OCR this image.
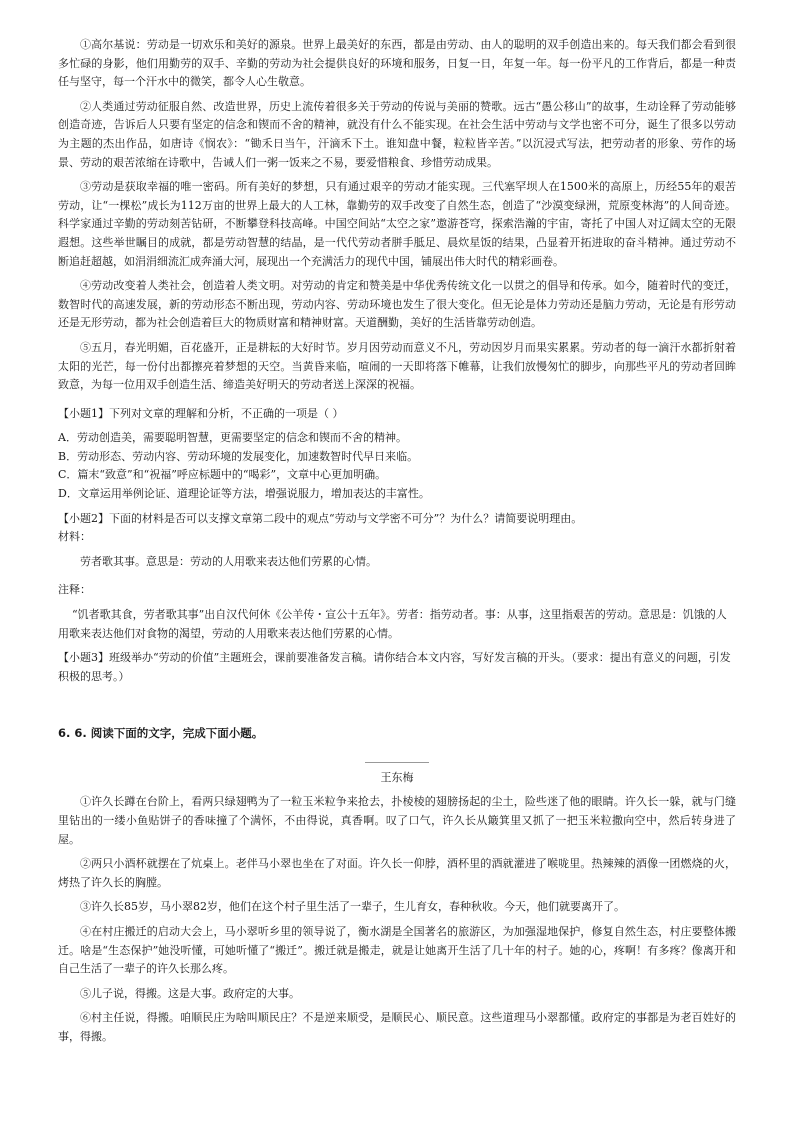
①高尔基说：劳动是一切欢乐和美好的源泉。世界上最美好的东西，都是由劳动、由人的聪明的双手创造出来的。每天我们都会看到很多忙碌的身影，他们用勤劳的双手、辛勤的劳动为社会提供良好的环境和服务，日复一日，年复一年。每一份平凡的工作背后，都是一种责任与坚守，每一个汗水中的微笑，都令人心生敬意。

②人类通过劳动征服自然、改造世界，历史上流传着很多关于劳动的传说与美丽的赞歌。远古“愚公移山”的故事，生动诠释了劳动能够创造奇迹，告诉后人只要有坚定的信念和锲而不舍的精神，就没有什么不能实现。在社会生活中劳动与文学也密不可分，诞生了很多以劳动为主题的杰出作品，如唐诗《悯农》：“锄禾日当午，汗滴禾下土。谁知盘中餐，粒粒皆辛苦。”以沉浸式写法，把劳动者的形象、劳作的场景、劳动的艰苦浓缩在诗歌中，告诫人们一粥一饭来之不易，要爱惜粮食、珍惜劳动成果。

③劳动是获取幸福的唯一密码。所有美好的梦想，只有通过艰辛的劳动才能实现。三代塞罕坝人在1500米的高原上，历经55年的艰苦劳动，让“一棵松”成长为112万亩的世界上最大的人工林，靠勤劳的双手改变了自然生态，创造了“沙漠变绿洲，荒原变林海”的人间奇迹。科学家通过辛勤的劳动刻苦钻研，不断攀登科技高峰。中国空间站“太空之家”遨游苍穹，探索浩瀚的宇宙，寄托了中国人对辽阔太空的无限遐想。这些举世瞩目的成就，都是劳动智慧的结晶，是一代代劳动者胼手胝足、晨炊星饭的结果，凸显着开拓进取的奋斗精神。通过劳动不断追赶超越，如涓涓细流汇成奔涌大河，展现出一个充满活力的现代中国，铺展出伟大时代的精彩画卷。

④劳动改变着人类社会，创造着人类文明。对劳动的肯定和赞美是中华优秀传统文化一以贯之的倡导和传承。如今，随着时代的变迁，数智时代的高速发展，新的劳动形态不断出现，劳动内容、劳动环境也发生了很大变化。但无论是体力劳动还是脑力劳动，无论是有形劳动还是无形劳动，都为社会创造着巨大的物质财富和精神财富。天道酬勤，美好的生活皆靠劳动创造。

⑤五月，春光明媚，百花盛开，正是耕耘的大好时节。岁月因劳动而意义不凡，劳动因岁月而果实累累。劳动者的每一滴汗水都折射着太阳的光芒，每一份付出都擦亮着梦想的天空。当黄昏来临，喧闹的一天即将落下帷幕，让我们放慢匆忙的脚步，向那些平凡的劳动者回眸致意，为每一位用双手创造生活、缔造美好明天的劳动者送上深深的祝福。

【小题1】下列对文章的理解和分析，不正确的一项是（ ）

A．劳动创造美，需要聪明智慧，更需要坚定的信念和锲而不舍的精神。

B．劳动形态、劳动内容、劳动环境的发展变化，加速数智时代早日来临。

C．篇末“致意”和“祝福”呼应标题中的“喝彩”，文章中心更加明确。

D．文章运用举例论证、道理论证等方法，增强说服力，增加表达的丰富性。

【小题2】下面的材料是否可以支撑文章第二段中的观点“劳动与文学密不可分”？为什么？请简要说明理由。

材料：

劳者歌其事。意思是：劳动的人用歌来表达他们劳累的心情。

注释：

“饥者歌其食，劳者歌其事”出自汉代何休《公羊传・宣公十五年》。劳者：指劳动者。事：从事，这里指艰苦的劳动。意思是：饥饿的人用歌来表达他们对食物的渴望，劳动的人用歌来表达他们劳累的心情。

【小题3】班级举办“劳动的价值”主题班会，课前要准备发言稿。请你结合本文内容，写好发言稿的开头。（要求：提出有意义的问题，引发积极的思考。）

6. 6. 阅读下面的文字，完成下面小题。

王东梅

①许久长蹲在台阶上，看两只绿翅鸭为了一粒玉米粒争来抢去，扑棱棱的翅膀扬起的尘土，险些迷了他的眼睛。许久长一躲，就与门缝里钻出的一缕小鱼贴饼子的香味撞了个满怀，不由得说，真香啊。叹了口气，许久长从簸箕里又抓了一把玉米粒撒向空中，然后转身进了屋。

②两只小酒杯就摆在了炕桌上。老伴马小翠也坐在了对面。许久长一仰脖，酒杯里的酒就灌进了喉咙里。热辣辣的酒像一团燃烧的火，烤热了许久长的胸膛。

③许久长85岁，马小翠82岁，他们在这个村子里生活了一辈子，生儿育女，春种秋收。今天，他们就要离开了。

④在村庄搬迁的启动大会上，马小翠听乡里的领导说了，衡水湖是全国著名的旅游区，为加强湿地保护，修复自然生态，村庄要整体搬迁。啥是“生态保护”她没听懂，可她听懂了“搬迁”。搬迁就是搬走，就是让她离开生活了几十年的村子。她的心，疼啊！有多疼？像离开和自己生活了一辈子的许久长那么疼。

⑤儿子说，得搬。这是大事。政府定的大事。

⑥村主任说，得搬。咱顺民庄为啥叫顺民庄？不是逆来顺受，是顺民心、顺民意。这些道理马小翠都懂。政府定的事都是为老百姓好的事，得搬。
